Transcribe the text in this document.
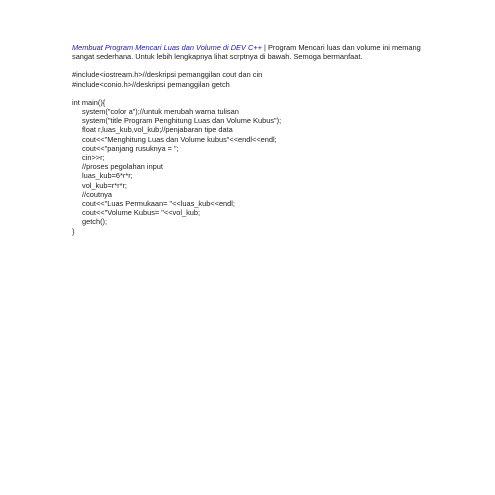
Membuat Program Mencari Luas dan Volume di DEV C++ | Program Mencari luas dan volume ini memang sangat sederhana. Untuk lebih lengkapnya lihat scrptnya di bawah. Semoga bermanfaat.

#include<iostream.h>//deskripsi pemanggilan cout dan cin
#include<conio.h>//deskripsi pemanggilan getch
int main(){
system("color a");//untuk merubah warna tulisan
system("title Program Penghitung Luas dan Volume Kubus");
float r,luas_kub,vol_kub;//penjabaran tipe data
cout<<"Menghitung Luas dan Volume kubus"<<endl<<endl;
cout<<"panjang rusuknya = ";
cin>>r;
//proses pegolahan input
luas_kub=6*r*r;
vol_kub=r*r*r;
//coutnya
cout<<"Luas Permukaan= "<<luas_kub<<endl;
cout<<"Volume Kubus= "<<vol_kub;
getch();
}
